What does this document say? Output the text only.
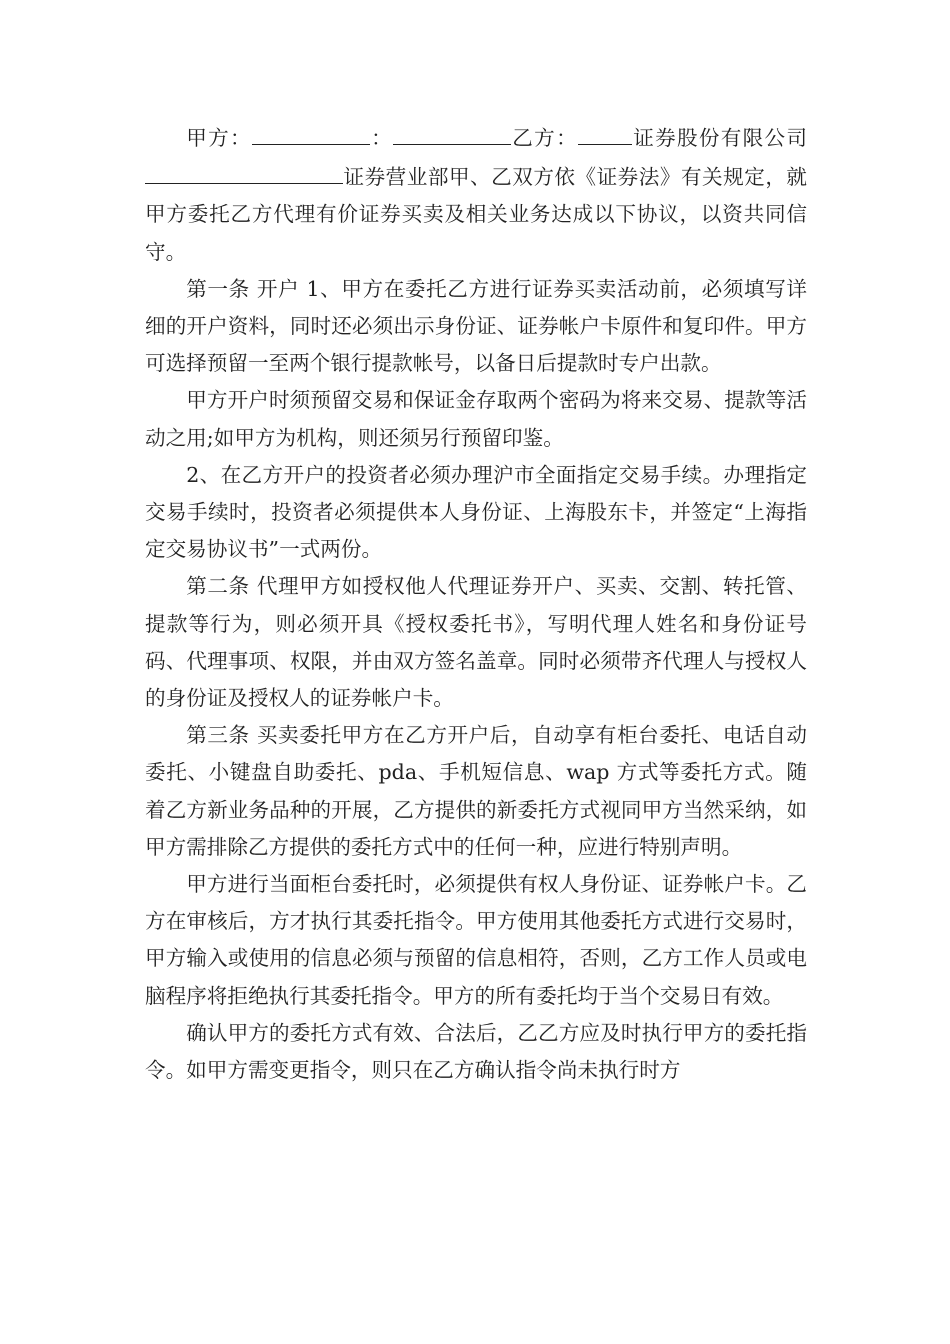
甲方：	：	乙方：	证券股份有限公司证券营业部甲、乙双方依《证券法》有关规定，就甲方委托乙方代理有价证券买卖及相关业务达成以下协议，以资共同信守。

第一条 开户 1、甲方在委托乙方进行证券买卖活动前，必须填写详细的开户资料，同时还必须出示身份证、证券帐户卡原件和复印件。甲方可选择预留一至两个银行提款帐号，以备日后提款时专户出款。

甲方开户时须预留交易和保证金存取两个密码为将来交易、提款等活动之用;如甲方为机构，则还须另行预留印鉴。

2、在乙方开户的投资者必须办理沪市全面指定交易手续。办理指定交易手续时，投资者必须提供本人身份证、上海股东卡，并签定“上海指定交易协议书”一式两份。

第二条 代理甲方如授权他人代理证券开户、买卖、交割、转托管、提款等行为，则必须开具《授权委托书》，写明代理人姓名和身份证号码、代理事项、权限，并由双方签名盖章。同时必须带齐代理人与授权人的身份证及授权人的证券帐户卡。

第三条 买卖委托甲方在乙方开户后，自动享有柜台委托、电话自动委托、小键盘自助委托、pda、手机短信息、wap 方式等委托方式。随着乙方新业务品种的开展，乙方提供的新委托方式视同甲方当然采纳，如甲方需排除乙方提供的委托方式中的任何一种，应进行特别声明。

甲方进行当面柜台委托时，必须提供有权人身份证、证券帐户卡。乙方在审核后，方才执行其委托指令。甲方使用其他委托方式进行交易时，甲方输入或使用的信息必须与预留的信息相符，否则，乙方工作人员或电脑程序将拒绝执行其委托指令。甲方的所有委托均于当个交易日有效。

确认甲方的委托方式有效、合法后，乙乙方应及时执行甲方的委托指令。如甲方需变更指令，则只在乙方确认指令尚未执行时方
